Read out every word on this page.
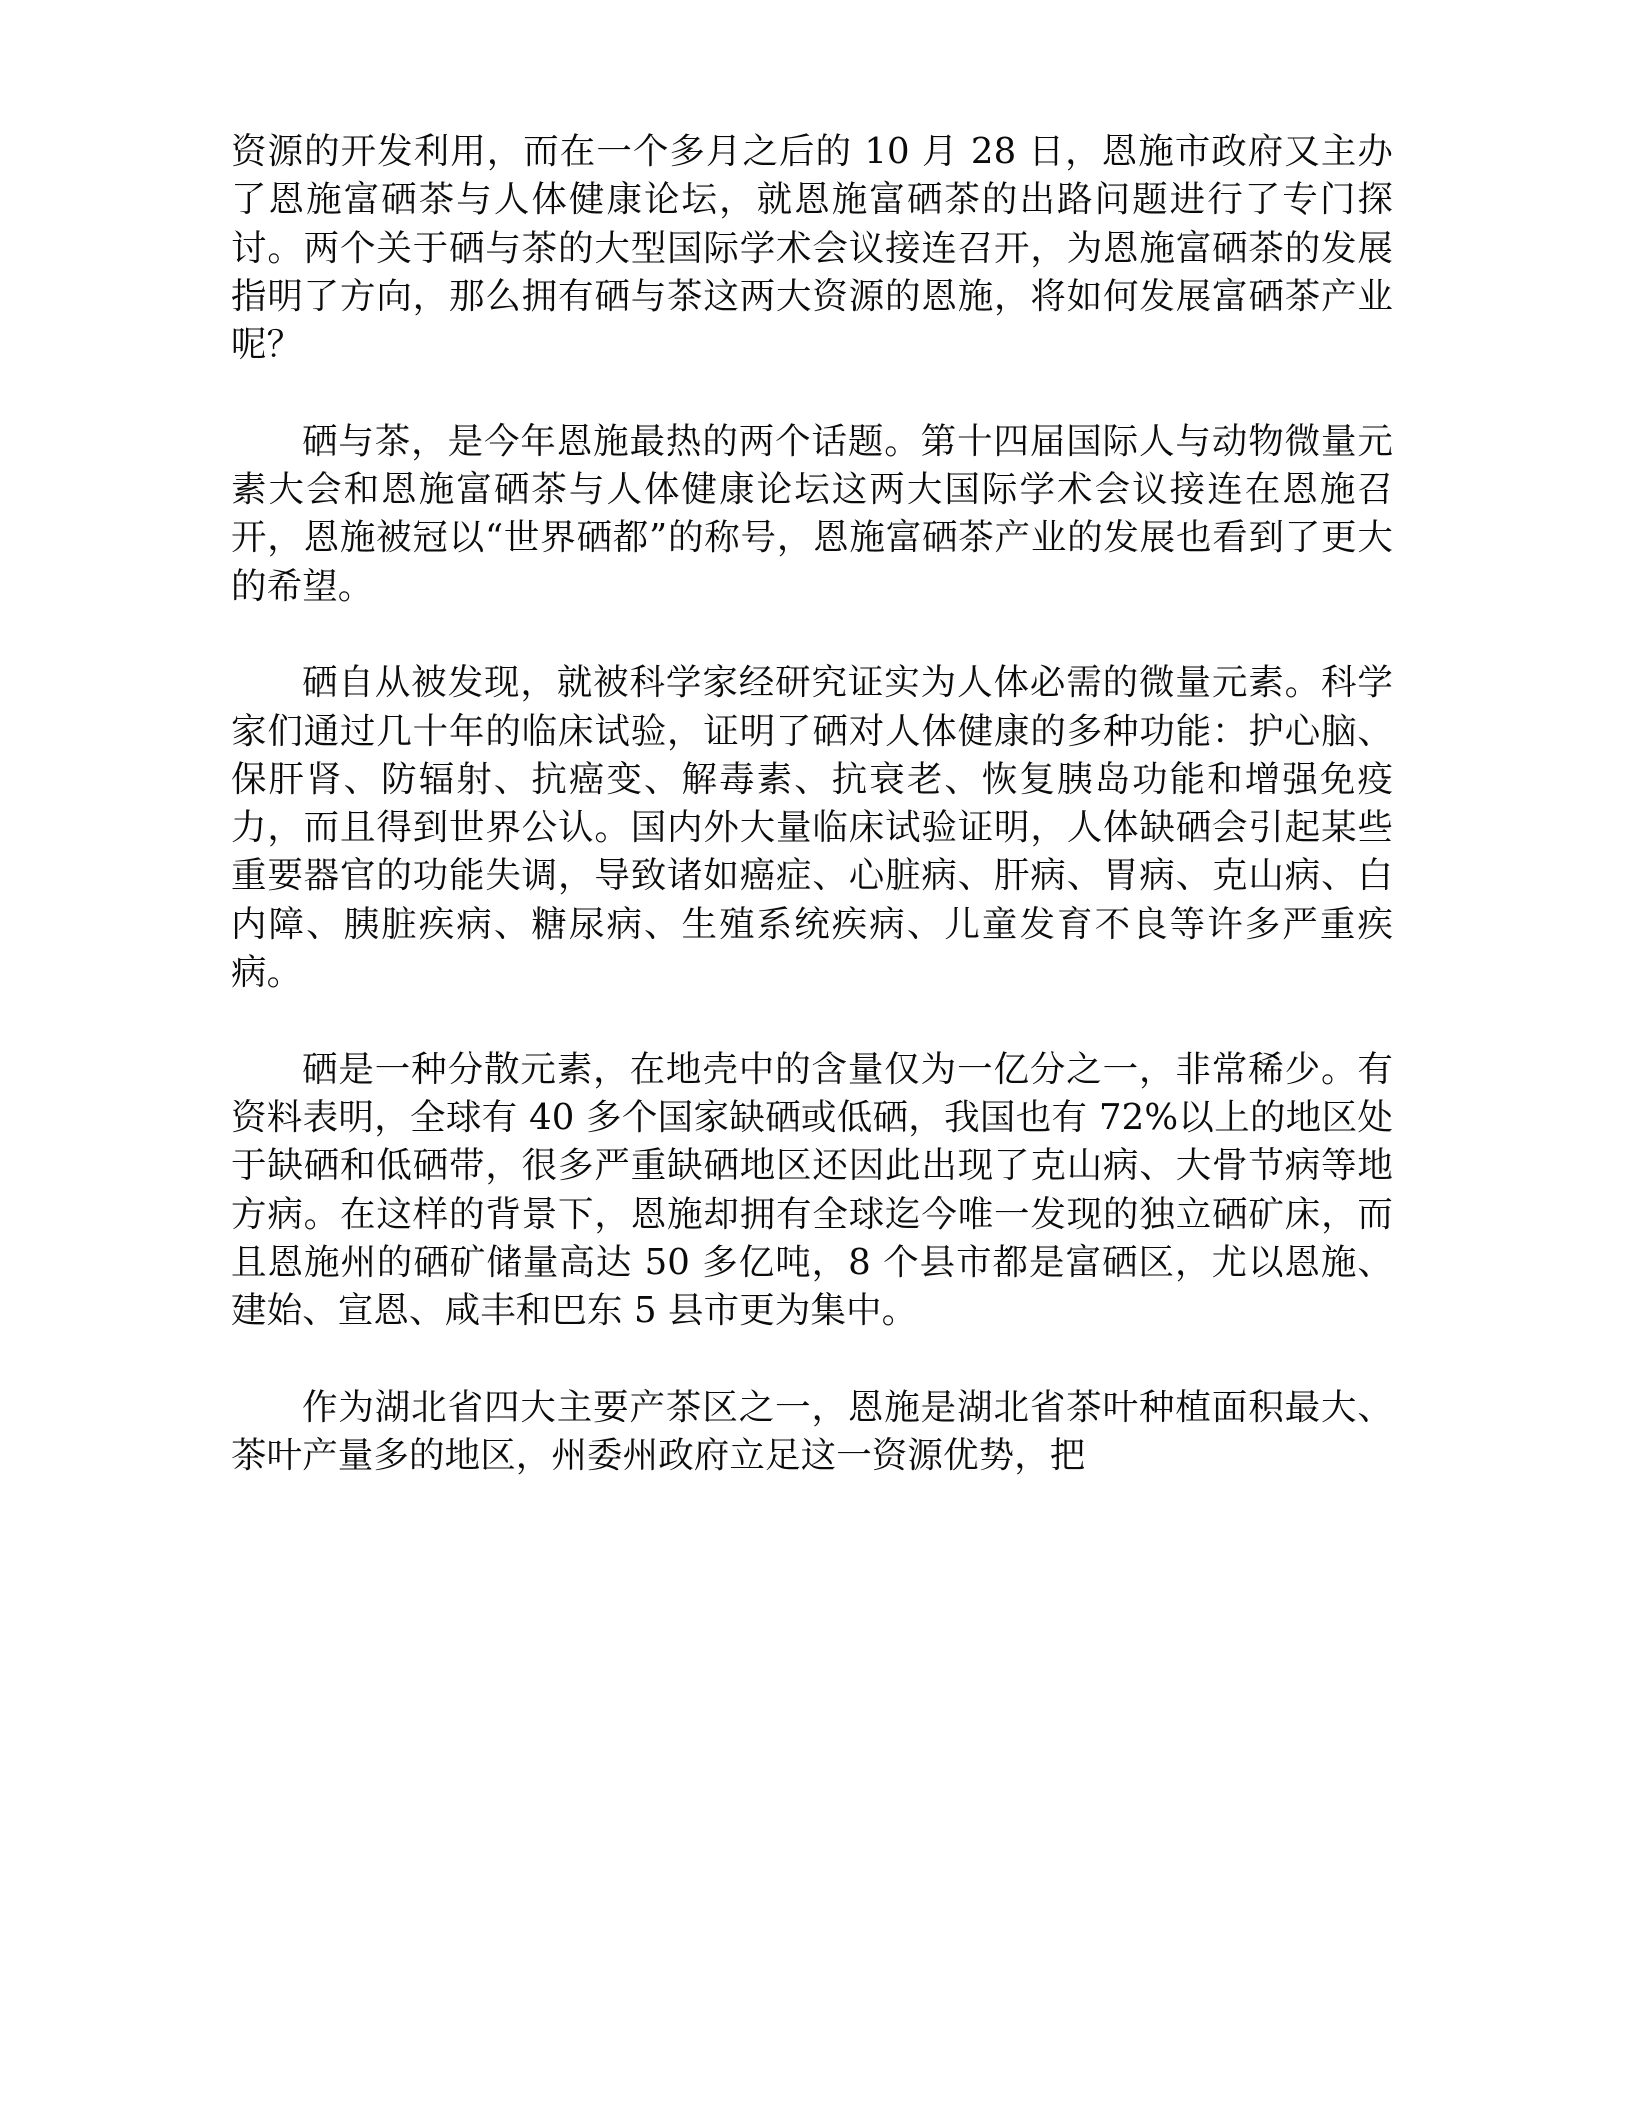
资源的开发利用，而在一个多月之后的 10 月 28 日，恩施市政府又主办了恩施富硒茶与人体健康论坛，就恩施富硒茶的出路问题进行了专门探讨。两个关于硒与茶的大型国际学术会议接连召开，为恩施富硒茶的发展指明了方向，那么拥有硒与茶这两大资源的恩施，将如何发展富硒茶产业呢？

硒与茶，是今年恩施最热的两个话题。第十四届国际人与动物微量元素大会和恩施富硒茶与人体健康论坛这两大国际学术会议接连在恩施召开，恩施被冠以“世界硒都”的称号，恩施富硒茶产业的发展也看到了更大的希望。

硒自从被发现，就被科学家经研究证实为人体必需的微量元素。科学家们通过几十年的临床试验，证明了硒对人体健康的多种功能：护心脑、保肝肾、防辐射、抗癌变、解毒素、抗衰老、恢复胰岛功能和增强免疫力，而且得到世界公认。国内外大量临床试验证明，人体缺硒会引起某些重要器官的功能失调，导致诸如癌症、心脏病、肝病、胃病、克山病、白内障、胰脏疾病、糖尿病、生殖系统疾病、儿童发育不良等许多严重疾病。

硒是一种分散元素，在地壳中的含量仅为一亿分之一，非常稀少。有资料表明，全球有 40 多个国家缺硒或低硒，我国也有 72%以上的地区处于缺硒和低硒带，很多严重缺硒地区还因此出现了克山病、大骨节病等地方病。在这样的背景下，恩施却拥有全球迄今唯一发现的独立硒矿床，而且恩施州的硒矿储量高达 50 多亿吨，8 个县市都是富硒区，尤以恩施、建始、宣恩、咸丰和巴东 5 县市更为集中。

作为湖北省四大主要产茶区之一，恩施是湖北省茶叶种植面积最大、茶叶产量多的地区，州委州政府立足这一资源优势，把
